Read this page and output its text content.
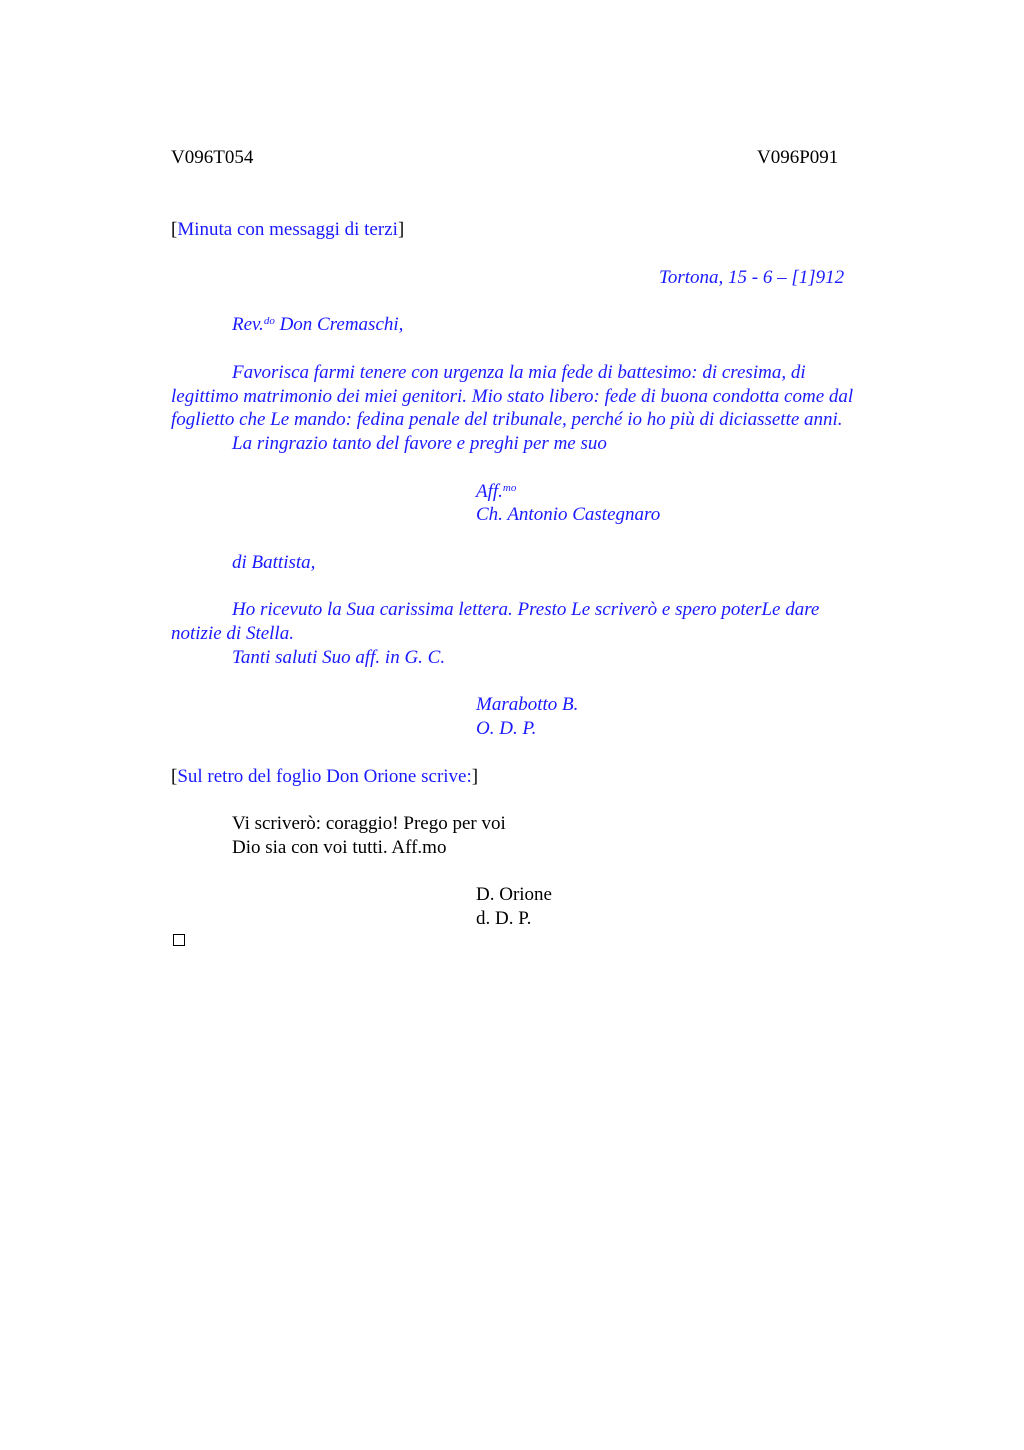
V096T054	V096P091
[Minuta con messaggi di terzi]
Tortona, 15 - 6 – [1]912
Rev.$^{do}$ Don Cremaschi,
Favorisca farmi tenere con urgenza la mia fede di battesimo: di cresima, di
legittimo matrimonio dei miei genitori. Mio stato libero: fede di buona condotta come dal
foglietto che Le mando: fedina penale del tribunale, perché io ho più di diciassette anni.
La ringrazio tanto del favore e preghi per me suo
Aff.$^{mo}$
Ch. Antonio Castegnaro
di Battista,
Ho ricevuto la Sua carissima lettera. Presto Le scriverò e spero poterLe dare
notizie di Stella.
Tanti saluti Suo aff. in G. C.
Marabotto B.
O. D. P.
[Sul retro del foglio Don Orione scrive:]
Vi scriverò: coraggio! Prego per voi
Dio sia con voi tutti. Aff.mo
D. Orione
d. D. P.
